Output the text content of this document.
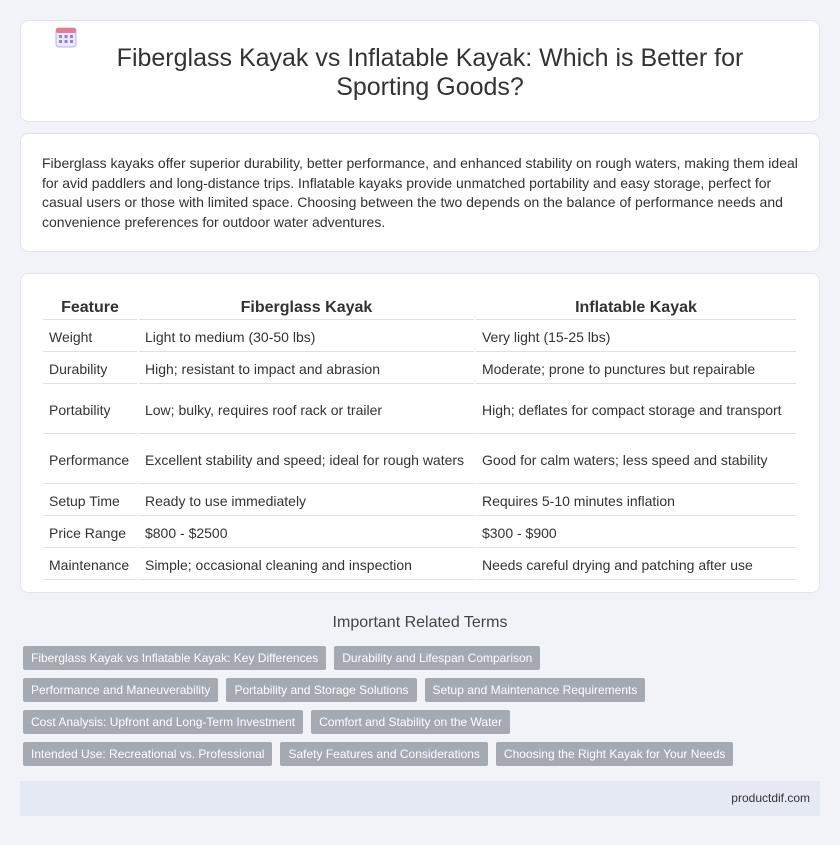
Fiberglass Kayak vs Inflatable Kayak: Which is Better for Sporting Goods?

Fiberglass kayaks offer superior durability, better performance, and enhanced stability on rough waters, making them ideal for avid paddlers and long-distance trips. Inflatable kayaks provide unmatched portability and easy storage, perfect for casual users or those with limited space. Choosing between the two depends on the balance of performance needs and convenience preferences for outdoor water adventures.

Feature	Fiberglass Kayak	Inflatable Kayak
Weight	Light to medium (30-50 lbs)	Very light (15-25 lbs)
Durability	High; resistant to impact and abrasion	Moderate; prone to punctures but repairable
Portability	Low; bulky, requires roof rack or trailer	High; deflates for compact storage and transport
Performance	Excellent stability and speed; ideal for rough waters	Good for calm waters; less speed and stability
Setup Time	Ready to use immediately	Requires 5-10 minutes inflation
Price Range	$800 - $2500	$300 - $900
Maintenance	Simple; occasional cleaning and inspection	Needs careful drying and patching after use
Important Related Terms
Fiberglass Kayak vs Inflatable Kayak: Key Differences	Durability and Lifespan Comparison
Performance and Maneuverability	Portability and Storage Solutions	Setup and Maintenance Requirements
Cost Analysis: Upfront and Long-Term Investment	Comfort and Stability on the Water
Intended Use: Recreational vs. Professional	Safety Features and Considerations	Choosing the Right Kayak for Your Needs
productdif.com
